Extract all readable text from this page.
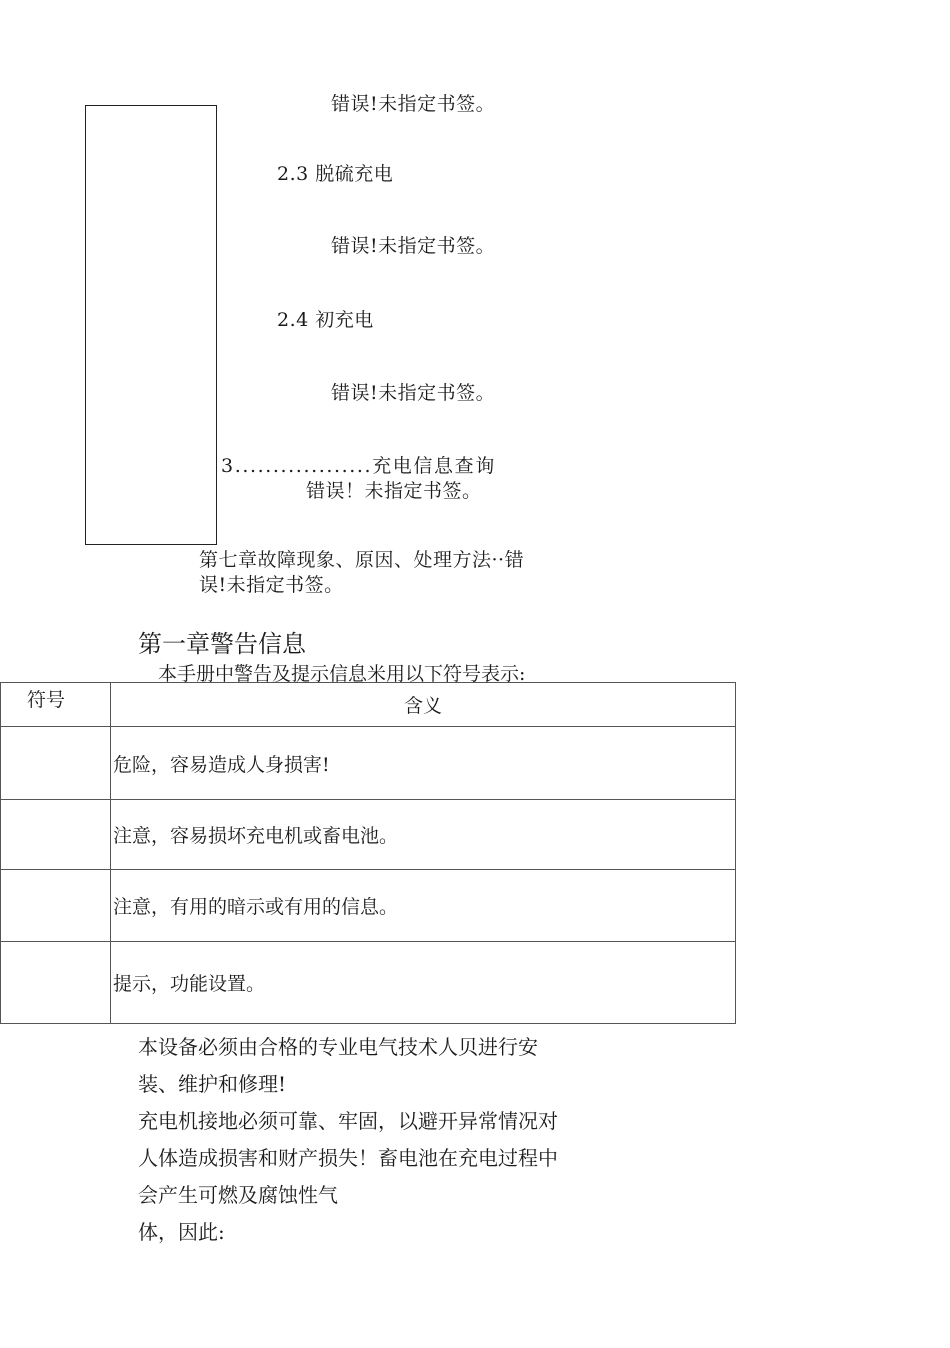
错误!未指定书签。
2.3 脱硫充电
错误!未指定书签。
2.4 初充电
错误!未指定书签。
3..................充电信息查询
错误！未指定书签。
第七章故障现象、原因、处理方法··错
误!未指定书签。
第一章警告信息
本手册中警告及提示信息米用以下符号表示:
符号	含义
	危险，容易造成人身损害!
	注意，容易损坏充电机或畜电池。
	注意，有用的暗示或有用的信息。
	提示，功能设置。
本设备必须由合格的专业电气技术人贝进行安
装、维护和修理!
充电机接地必须可靠、牢固，以避开异常情况对
人体造成损害和财产损失！畜电池在充电过程中
会产生可燃及腐蚀性气
体，因此:
